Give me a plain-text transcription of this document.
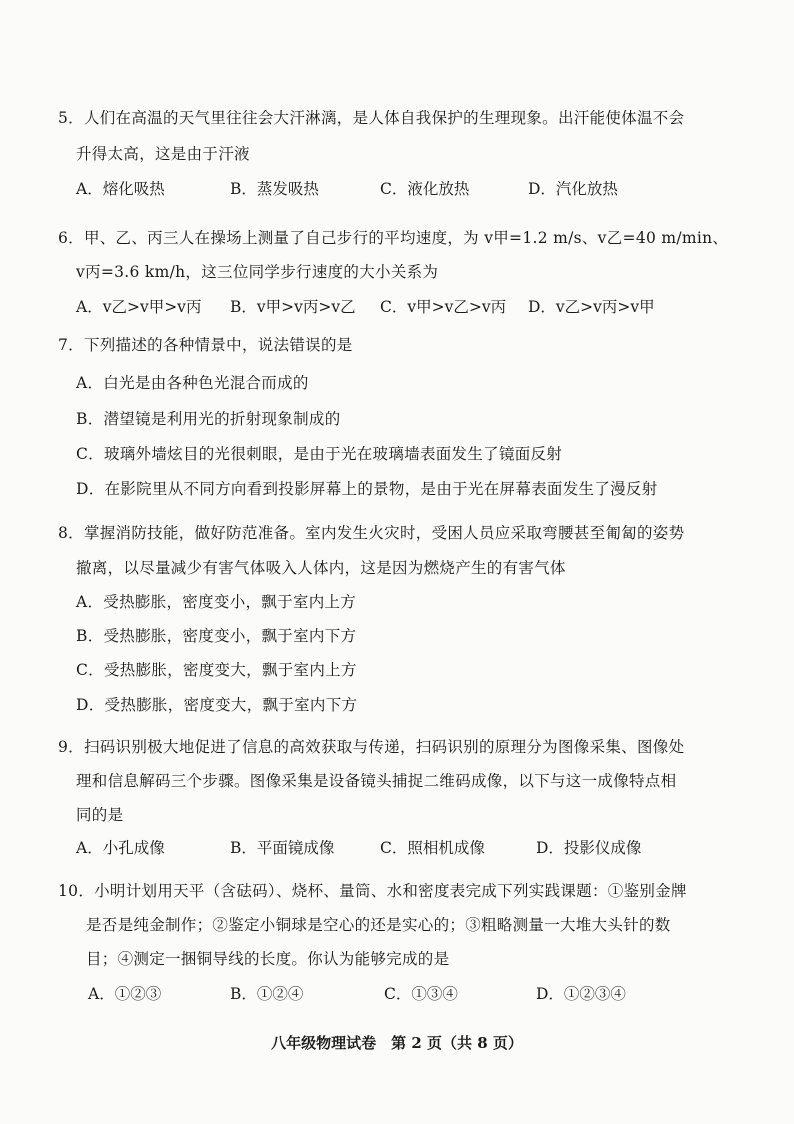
5．人们在高温的天气里往往会大汗淋漓，是人体自我保护的生理现象。出汗能使体温不会
升得太高，这是由于汗液
A．熔化吸热	B．蒸发吸热	C．液化放热	D．汽化放热
6．甲、乙、丙三人在操场上测量了自己步行的平均速度，为 v甲=1.2 m/s、v乙=40 m/min、
v丙=3.6 km/h，这三位同学步行速度的大小关系为
A．v乙>v甲>v丙 B．v甲>v丙>v乙 C．v甲>v乙>v丙 D．v乙>v丙>v甲
7．下列描述的各种情景中，说法错误的是
A．白光是由各种色光混合而成的
B．潜望镜是利用光的折射现象制成的
C．玻璃外墙炫目的光很刺眼，是由于光在玻璃墙表面发生了镜面反射
D．在影院里从不同方向看到投影屏幕上的景物，是由于光在屏幕表面发生了漫反射
8．掌握消防技能，做好防范准备。室内发生火灾时，受困人员应采取弯腰甚至匍匐的姿势
撤离，以尽量减少有害气体吸入人体内，这是因为燃烧产生的有害气体
A．受热膨胀，密度变小，飘于室内上方
B．受热膨胀，密度变小，飘于室内下方
C．受热膨胀，密度变大，飘于室内上方
D．受热膨胀，密度变大，飘于室内下方
9．扫码识别极大地促进了信息的高效获取与传递，扫码识别的原理分为图像采集、图像处
理和信息解码三个步骤。图像采集是设备镜头捕捉二维码成像，以下与这一成像特点相
同的是
A．小孔成像	B．平面镜成像	C．照相机成像	D．投影仪成像
10．小明计划用天平（含砝码）、烧杯、量筒、水和密度表完成下列实践课题：①鉴别金牌
是否是纯金制作；②鉴定小铜球是空心的还是实心的；③粗略测量一大堆大头针的数
目；④测定一捆铜导线的长度。你认为能够完成的是
A．①②③	B．①②④	C．①③④	D．①②③④
八年级物理试卷　第 2 页（共 8 页）
